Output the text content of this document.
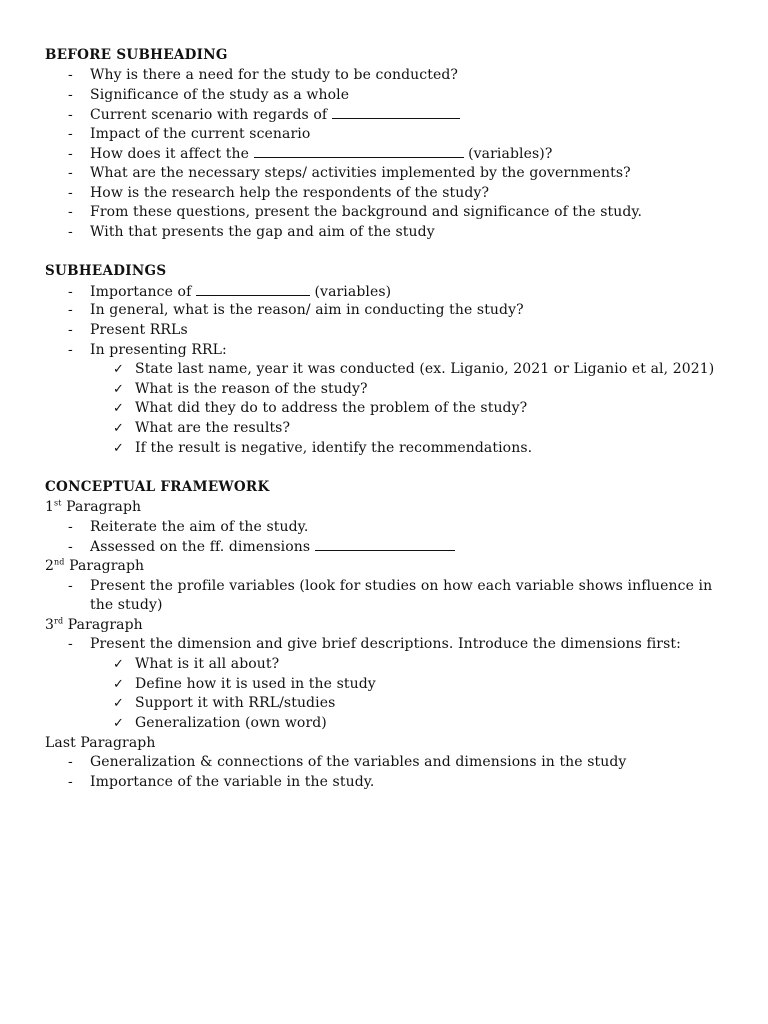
BEFORE SUBHEADING
- Why is there a need for the study to be conducted?
- Significance of the study as a whole
- Current scenario with regards of
- Impact of the current scenario
- How does it affect the	(variables)?
- What are the necessary steps/ activities implemented by the governments?
- How is the research help the respondents of the study?
- From these questions, present the background and significance of the study.
- With that presents the gap and aim of the study
SUBHEADINGS
- Importance of	(variables)
- In general, what is the reason/ aim in conducting the study?
- Present RRLs
- In presenting RRL:
✓ State last name, year it was conducted (ex. Liganio, 2021 or Liganio et al, 2021)
✓ What is the reason of the study?
✓ What did they do to address the problem of the study?
✓ What are the results?
✓ If the result is negative, identify the recommendations.
CONCEPTUAL FRAMEWORK
1st Paragraph
- Reiterate the aim of the study.
- Assessed on the ff. dimensions
2nd Paragraph
- Present the profile variables (look for studies on how each variable shows influence in
the study)
3rd Paragraph
- Present the dimension and give brief descriptions. Introduce the dimensions first:
✓ What is it all about?
✓ Define how it is used in the study
✓ Support it with RRL/studies
✓ Generalization (own word)
Last Paragraph
- Generalization & connections of the variables and dimensions in the study
- Importance of the variable in the study.
